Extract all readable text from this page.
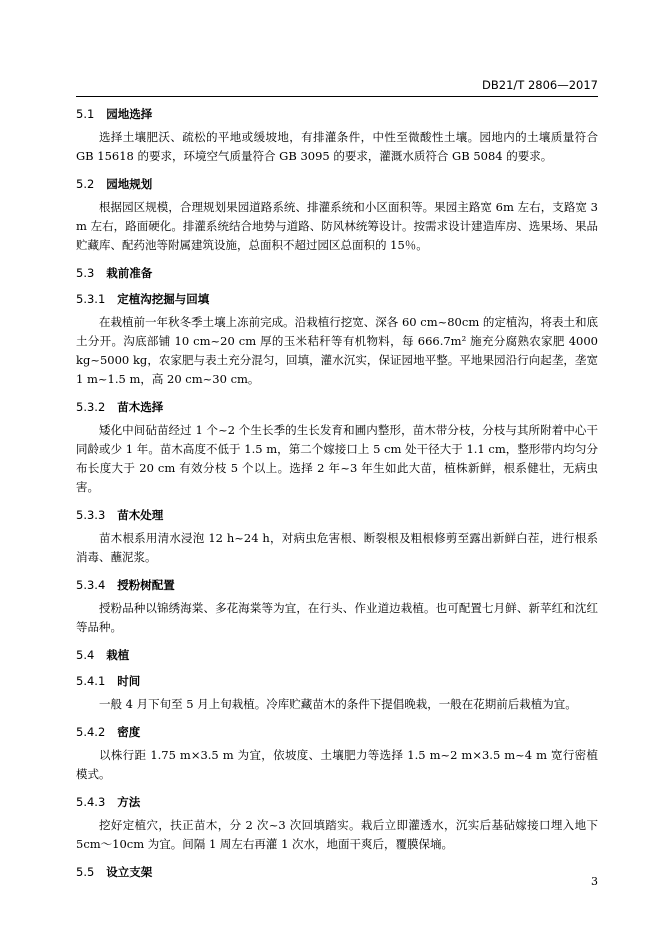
DB21/T 2806—2017
5.1 园地选择

选择土壤肥沃、疏松的平地或缓坡地，有排灌条件，中性至微酸性土壤。园地内的土壤质量符合 GB 15618 的要求，环境空气质量符合 GB 3095 的要求，灌溉水质符合 GB 5084 的要求。

5.2 园地规划

根据园区规模，合理规划果园道路系统、排灌系统和小区面积等。果园主路宽 6m 左右，支路宽 3 m 左右，路面硬化。排灌系统结合地势与道路、防风林统筹设计。按需求设计建造库房、选果场、果品贮藏库、配药池等附属建筑设施，总面积不超过园区总面积的 15％。

5.3 栽前准备
5.3.1 定植沟挖掘与回填

在栽植前一年秋冬季土壤上冻前完成。沿栽植行挖宽、深各 60 cm~80cm 的定植沟，将表土和底土分开。沟底部铺 10 cm~20 cm 厚的玉米秸秆等有机物料，每 666.7m² 施充分腐熟农家肥 4000 kg~5000 kg，农家肥与表土充分混匀，回填，灌水沉实，保证园地平整。平地果园沿行向起垄，垄宽 1 m~1.5 m，高 20 cm~30 cm。

5.3.2 苗木选择

矮化中间砧苗经过 1 个~2 个生长季的生长发育和圃内整形，苗木带分枝，分枝与其所附着中心干同龄或少 1 年。苗木高度不低于 1.5 m，第二个嫁接口上 5 cm 处干径大于 1.1 cm，整形带内均匀分布长度大于 20 cm 有效分枝 5 个以上。选择 2 年~3 年生如此大苗，植株新鲜，根系健壮，无病虫害。

5.3.3 苗木处理

苗木根系用清水浸泡 12 h~24 h，对病虫危害根、断裂根及粗根修剪至露出新鲜白茬，进行根系消毒、蘸泥浆。

5.3.4 授粉树配置

授粉品种以锦绣海棠、多花海棠等为宜，在行头、作业道边栽植。也可配置七月鲜、新苹红和沈红等品种。

5.4 栽植
5.4.1 时间

一般 4 月下旬至 5 月上旬栽植。冷库贮藏苗木的条件下提倡晚栽，一般在花期前后栽植为宜。

5.4.2 密度

以株行距 1.75 m×3.5 m 为宜，依坡度、土壤肥力等选择 1.5 m~2 m×3.5 m~4 m 宽行密植模式。

5.4.3 方法

挖好定植穴，扶正苗木，分 2 次~3 次回填踏实。栽后立即灌透水，沉实后基砧嫁接口埋入地下 5cm～10cm 为宜。间隔 1 周左右再灌 1 次水，地面干爽后，覆膜保墒。

5.5 设立支架
3
